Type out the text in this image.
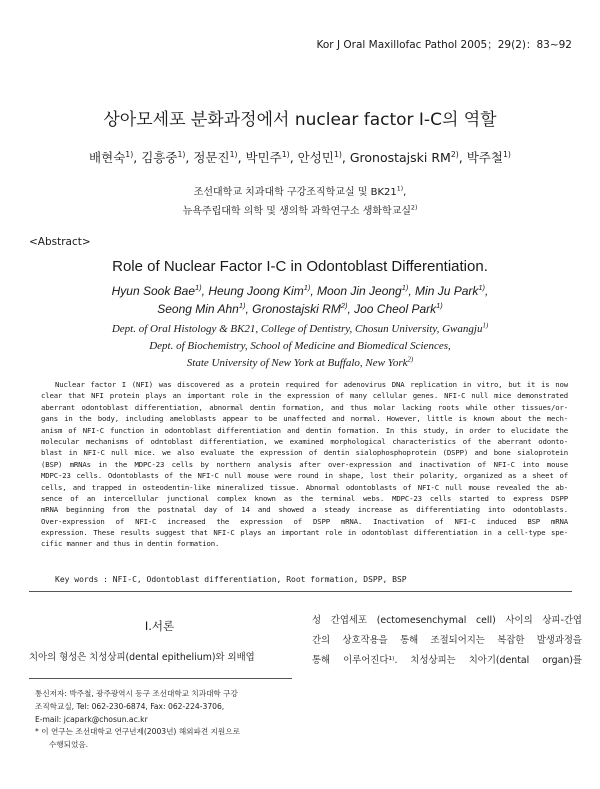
Kor J Oral Maxillofac Pathol 2005；29(2)：83~92
상아모세포 분화과정에서 nuclear factor I-C의 역할
배현숙$^{1)}$, 김흥중$^{1)}$, 정문진$^{1)}$, 박민주$^{1)}$, 안성민$^{1)}$, Gronostajski RM$^{2)}$, 박주철$^{1)}$
조선대학교 치과대학 구강조직학교실 및 BK21$^{1)}$,
뉴욕주립대학 의학 및 생의학 과학연구소 생화학교실$^{2)}$
<Abstract>
Role of Nuclear Factor I-C in Odontoblast Differentiation.
Hyun Sook Bae$^{1)}$, Heung Joong Kim$^{1)}$, Moon Jin Jeong$^{1)}$, Min Ju Park$^{1)}$,
Seong Min Ahn$^{1)}$, Gronostajski RM$^{2)}$, Joo Cheol Park$^{1)}$
Dept. of Oral Histology & BK21, College of Dentistry, Chosun University, Gwangju$^{1)}$
Dept. of Biochemistry, School of Medicine and Biomedical Sciences,
State University of New York at Buffalo, New York$^{2)}$
Nuclear factor I (NFI) was discovered as a protein required for adenovirus DNA replication in vitro, but it is now
clear that NFI protein plays an important role in the expression of many cellular genes. NFI-C null mice demonstrated
aberrant odontoblast differentiation, abnormal dentin formation, and thus molar lacking roots while other tissues/or-
gans in the body, including ameloblasts appear to be unaffected and normal. However, little is known about the mech-
anism of NFI-C function in odontoblast differentiation and dentin formation. In this study, in order to elucidate the
molecular mechanisms of odntoblast differentiation, we examined morphological characteristics of the aberrant odonto-
blast in NFI-C null mice. we also evaluate the expression of dentin sialophosphoprotein (DSPP) and bone sialoprotein
(BSP) mRNAs in the MDPC-23 cells by northern analysis after over-expression and inactivation of NFI-C into mouse
MDPC-23 cells. Odontoblasts of the NFI-C null mouse were round in shape, lost their polarity, organized as a sheet of
cells, and trapped in osteodentin-like mineralized tissue. Abnormal odontoblasts of NFI-C null mouse revealed the ab-
sence of an intercellular junctional complex known as the terminal webs. MDPC-23 cells started to express DSPP
mRNA beginning from the postnatal day of 14 and showed a steady increase as differentiating into odontoblasts.
Over-expression of NFI-C increased the expression of DSPP mRNA. Inactivation of NFI-C induced BSP mRNA
expression. These results suggest that NFI-C plays an important role in odontoblast differentiation in a cell-type spe-
cific manner and thus in dentin formation.
Key words : NFI-C, Odontoblast differentiation, Root formation, DSPP, BSP
I.서론
치아의 형성은 치성상피(dental epithelium)와 외배엽
성 간엽세포 (ectomesenchymal cell) 사이의 상피-간엽
간의 상호작용을 통해 조절되어지는 복잡한 발생과정을
통해 이루어진다¹⁾. 치성상피는 치아기(dental organ)를
통신저자: 박주철, 광주광역시 동구 조선대학교 치과대학 구강
조직학교실, Tel: 062-230-6874, Fax: 062-224-3706,
E-mail: jcapark@chosun.ac.kr
* 이 연구는 조선대학교 연구년제(2003년) 해외파견 지원으로
수행되었음.
